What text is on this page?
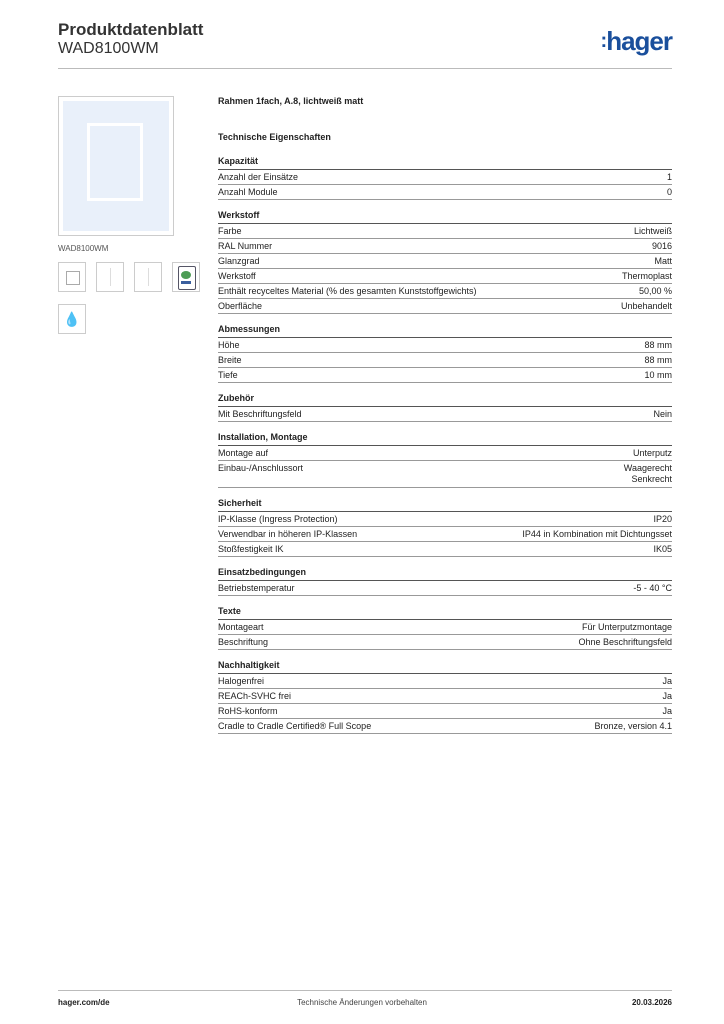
Produktdatenblatt
WAD8100WM	:hager
WAD8100WM
💧
Rahmen 1fach, A.8, lichtweiß matt
Technische Eigenschaften
Kapazität
Anzahl der Einsätze	1
Anzahl Module	0
Werkstoff
Farbe	Lichtweiß
RAL Nummer	9016
Glanzgrad	Matt
Werkstoff	Thermoplast
Enthält recyceltes Material (% des gesamten Kunststoffgewichts)	50,00 %
Oberfläche	Unbehandelt
Abmessungen
Höhe	88 mm
Breite	88 mm
Tiefe	10 mm
Zubehör
Mit Beschriftungsfeld	Nein
Installation, Montage
Montage auf	Unterputz
Einbau-/Anschlussort	Waagerecht
Senkrecht
Sicherheit
IP-Klasse (Ingress Protection)	IP20
Verwendbar in höheren IP-Klassen	IP44 in Kombination mit Dichtungsset
Stoßfestigkeit IK	IK05
Einsatzbedingungen
Betriebstemperatur	-5 - 40 °C
Texte
Montageart	Für Unterputzmontage
Beschriftung	Ohne Beschriftungsfeld
Nachhaltigkeit
Halogenfrei	Ja
REACh-SVHC frei	Ja
RoHS-konform	Ja
Cradle to Cradle Certified® Full Scope	Bronze, version 4.1
hager.com/de	Technische Änderungen vorbehalten	20.03.2026
